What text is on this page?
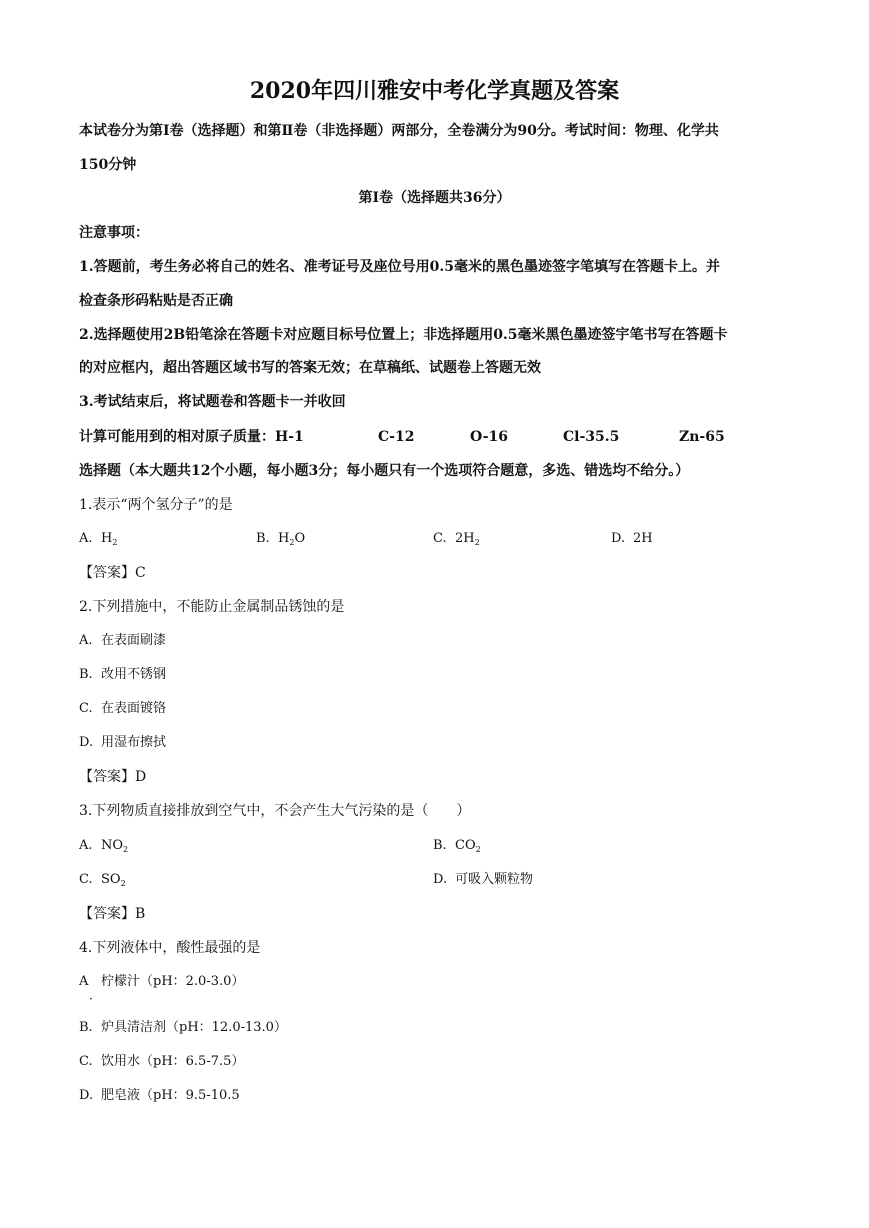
2020年四川雅安中考化学真题及答案
本试卷分为第Ⅰ卷（选择题）和第Ⅱ卷（非选择题）两部分，全卷满分为90分。考试时间：物理、化学共
150分钟
第Ⅰ卷（选择题共36分）
注意事项：
1.答题前，考生务必将自己的姓名、准考证号及座位号用0.5毫米的黑色墨迹签字笔填写在答题卡上。并
检查条形码粘贴是否正确
2.选择题使用2B铅笔涂在答题卡对应题目标号位置上；非选择题用0.5毫米黑色墨迹签宇笔书写在答题卡
的对应框内，超出答题区域书写的答案无效；在草稿纸、试题卷上答题无效
3.考试结束后，将试题卷和答题卡一并收回
计算可能用到的相对原子质量：H-1	C-12	O-16	Cl-35.5	Zn-65
选择题（本大题共12个小题，每小题3分；每小题只有一个选项符合题意，多选、错选均不给分。）
1.表示“两个氢分子”的是
A. $H_2$	B. $H_2O$	C. $2H_2$	D. 2H
【答案】C
2.下列措施中，不能防止金属制品锈蚀的是
A. 在表面刷漆
B. 改用不锈钢
C. 在表面镀铬
D. 用湿布擦拭
【答案】D
3.下列物质直接排放到空气中，不会产生大气污染的是（　　）
A. $NO_2$	B. $CO_2$
C. $SO_2$	D. 可吸入颗粒物
【答案】B
4.下列液体中，酸性最强的是
A 柠檬汁（pH：2.0-3.0）
·
B. 炉具清洁剂（pH：12.0-13.0）
C. 饮用水（pH：6.5-7.5）
D. 肥皂液（pH：9.5-10.5
